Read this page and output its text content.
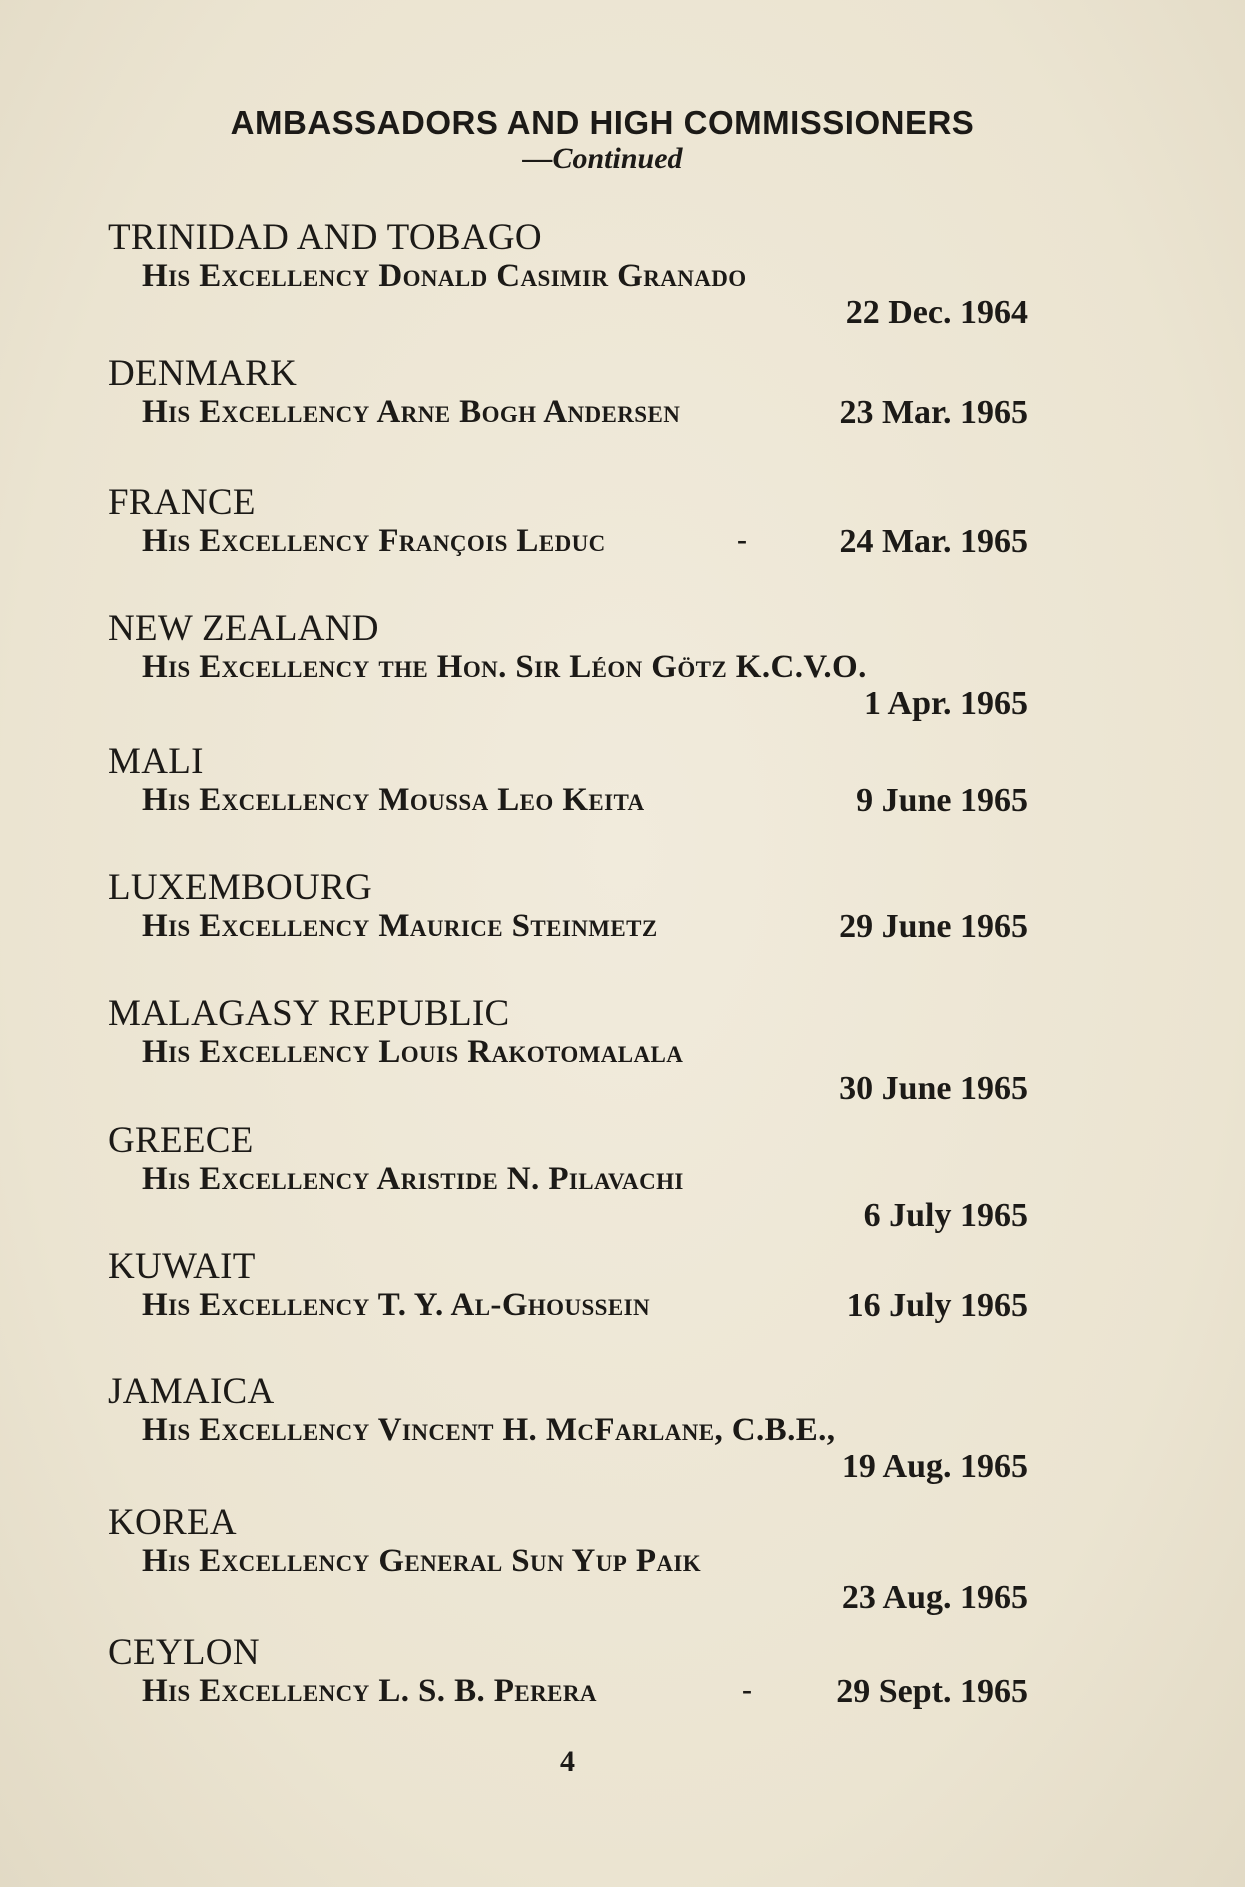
AMBASSADORS AND HIGH COMMISSIONERS
—Continued
TRINIDAD AND TOBAGO
His Excellency Donald Casimir Granado
22 Dec. 1964
DENMARK
His Excellency Arne Bogh Andersen	23 Mar. 1965
FRANCE
His Excellency François Leduc	-	24 Mar. 1965
NEW ZEALAND
His Excellency the Hon. Sir Léon Götz K.C.V.O.
1 Apr. 1965
MALI
His Excellency Moussa Leo Keita	9 June 1965
LUXEMBOURG
His Excellency Maurice Steinmetz	29 June 1965
MALAGASY REPUBLIC
His Excellency Louis Rakotomalala
30 June 1965
GREECE
His Excellency Aristide N. Pilavachi
6 July 1965
KUWAIT
His Excellency T. Y. Al-Ghoussein	16 July 1965
JAMAICA
His Excellency Vincent H. McFarlane, C.B.E.,
19 Aug. 1965
KOREA
His Excellency General Sun Yup Paik
23 Aug. 1965
CEYLON
His Excellency L. S. B. Perera	- 29 Sept. 1965
4
